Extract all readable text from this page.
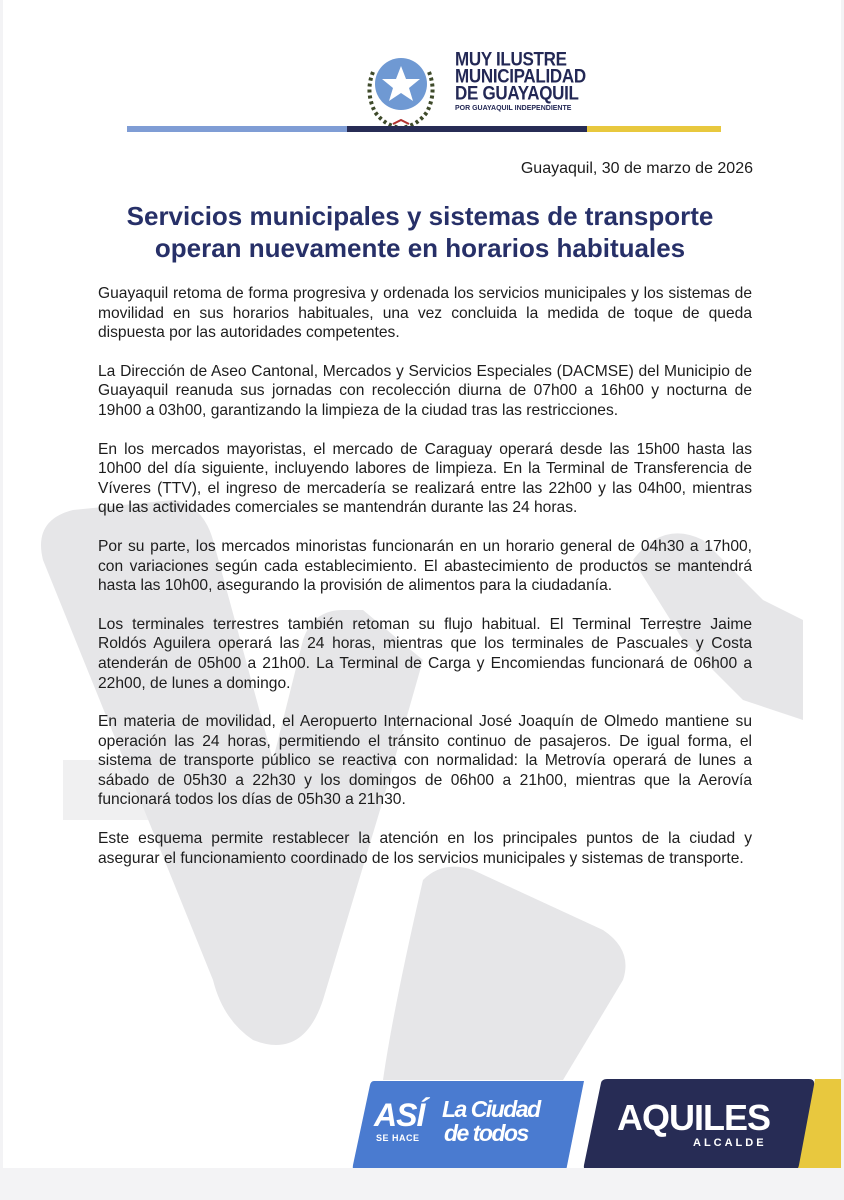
MUY ILUSTRE
MUNICIPALIDAD
DE GUAYAQUIL
POR GUAYAQUIL INDEPENDIENTE
Guayaquil, 30 de marzo de 2026
Servicios municipales y sistemas de transporte
operan nuevamente en horarios habituales

Guayaquil retoma de forma progresiva y ordenada los servicios municipales y los sistemas de movilidad en sus horarios habituales, una vez concluida la medida de toque de queda dispuesta por las autoridades competentes.

La Dirección de Aseo Cantonal, Mercados y Servicios Especiales (DACMSE) del Municipio de Guayaquil reanuda sus jornadas con recolección diurna de 07h00 a 16h00 y nocturna de 19h00 a 03h00, garantizando la limpieza de la ciudad tras las restricciones.

En los mercados mayoristas, el mercado de Caraguay operará desde las 15h00 hasta las 10h00 del día siguiente, incluyendo labores de limpieza. En la Terminal de Transferencia de Víveres (TTV), el ingreso de mercadería se realizará entre las 22h00 y las 04h00, mientras que las actividades comerciales se mantendrán durante las 24 horas.

Por su parte, los mercados minoristas funcionarán en un horario general de 04h30 a 17h00, con variaciones según cada establecimiento. El abastecimiento de productos se mantendrá hasta las 10h00, asegurando la provisión de alimentos para la ciudadanía.

Los terminales terrestres también retoman su flujo habitual. El Terminal Terrestre Jaime Roldós Aguilera operará las 24 horas, mientras que los terminales de Pascuales y Costa atenderán de 05h00 a 21h00. La Terminal de Carga y Encomiendas funcionará de 06h00 a 22h00, de lunes a domingo.

En materia de movilidad, el Aeropuerto Internacional José Joaquín de Olmedo mantiene su operación las 24 horas, permitiendo el tránsito continuo de pasajeros. De igual forma, el sistema de transporte público se reactiva con normalidad: la Metrovía operará de lunes a sábado de 05h30 a 22h30 y los domingos de 06h00 a 21h00, mientras que la Aerovía funcionará todos los días de 05h30 a 21h30.

Este esquema permite restablecer la atención en los principales puntos de la ciudad y asegurar el funcionamiento coordinado de los servicios municipales y sistemas de transporte.

ASÍ
SE HACE
La Ciudad
de todos AQUILES
ALCALDE
